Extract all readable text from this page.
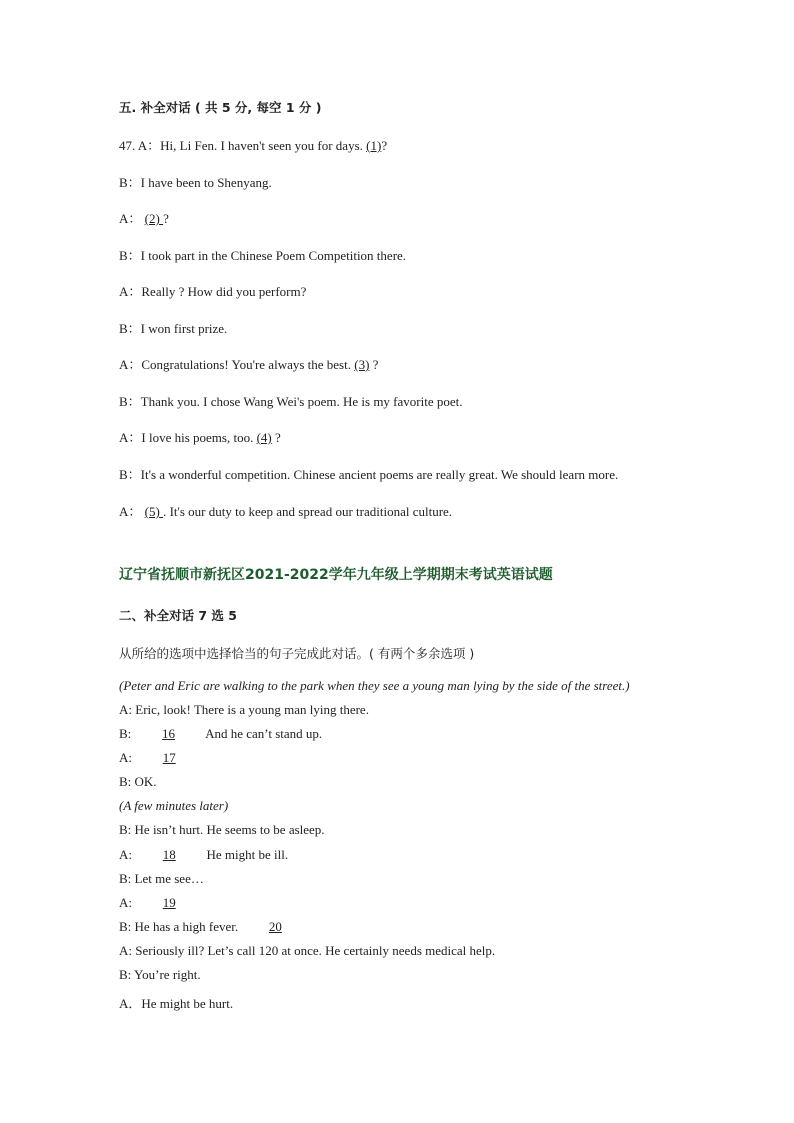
五. 补全对话 ( 共 5 分, 每空 1 分 )
47. A：Hi, Li Fen. I haven't seen you for days. (1)?
B：I have been to Shenyang.
A： (2) ?
B：I took part in the Chinese Poem Competition there.
A：Really ? How did you perform?
B：I won first prize.
A：Congratulations! You're always the best. (3) ?
B：Thank you. I chose Wang Wei's poem. He is my favorite poet.
A：I love his poems, too. (4) ?
B：It's a wonderful competition. Chinese ancient poems are really great. We should learn more.
A： (5) . It's our duty to keep and spread our traditional culture.
辽宁省抚顺市新抚区2021-2022学年九年级上学期期末考试英语试题
二、补全对话 7 选 5
从所给的选项中选择恰当的句子完成此对话。( 有两个多余选项 )
(Peter and Eric are walking to the park when they see a young man lying by the side of the street.)
A: Eric, look! There is a young man lying there.
B: 16 And he can’t stand up.
A: 17
B: OK.
(A few minutes later)
B: He isn’t hurt. He seems to be asleep.
A: 18 He might be ill.
B: Let me see…
A: 19
B: He has a high fever. 20
A: Seriously ill? Let’s call 120 at once. He certainly needs medical help.
B: You’re right.
A．He might be hurt.
